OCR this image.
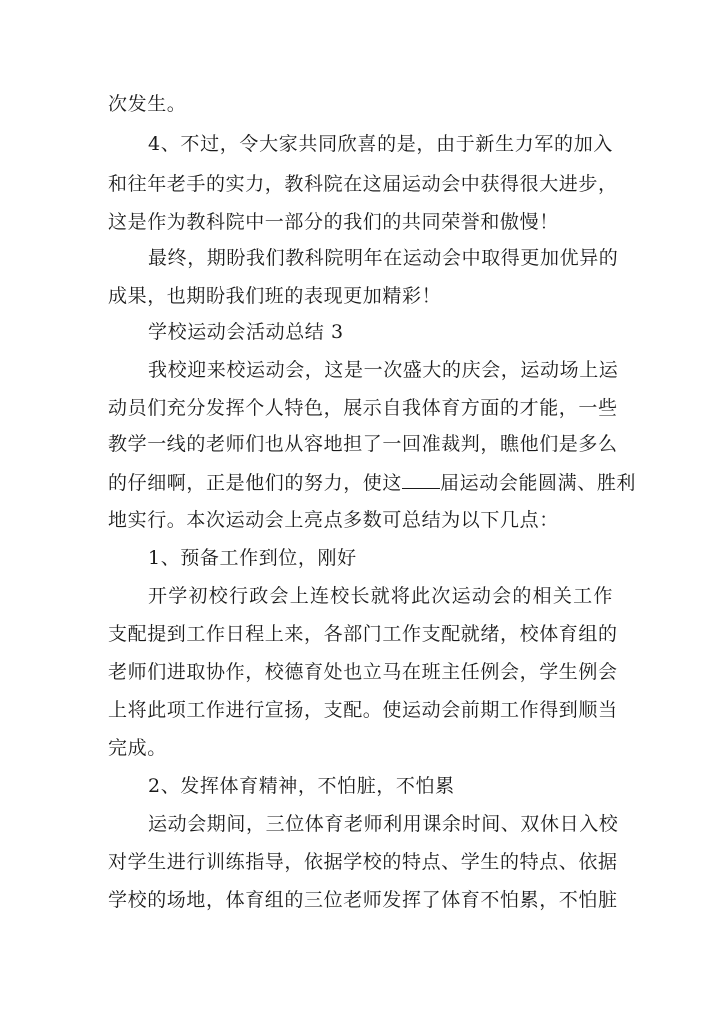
次发生。
4、不过，令大家共同欣喜的是，由于新生力军的加入
和往年老手的实力，教科院在这届运动会中获得很大进步，
这是作为教科院中一部分的我们的共同荣誉和傲慢！
最终，期盼我们教科院明年在运动会中取得更加优异的
成果，也期盼我们班的表现更加精彩！
学校运动会活动总结 3
我校迎来校运动会，这是一次盛大的庆会，运动场上运
动员们充分发挥个人特色，展示自我体育方面的才能，一些
教学一线的老师们也从容地担了一回准裁判，瞧他们是多么
的仔细啊，正是他们的努力，使这 届运动会能圆满、胜利
地实行。本次运动会上亮点多数可总结为以下几点：
1、预备工作到位，刚好
开学初校行政会上连校长就将此次运动会的相关工作
支配提到工作日程上来，各部门工作支配就绪，校体育组的
老师们进取协作，校德育处也立马在班主任例会，学生例会
上将此项工作进行宣扬，支配。使运动会前期工作得到顺当
完成。
2、发挥体育精神，不怕脏，不怕累
运动会期间，三位体育老师利用课余时间、双休日入校
对学生进行训练指导，依据学校的特点、学生的特点、依据
学校的场地，体育组的三位老师发挥了体育不怕累，不怕脏
